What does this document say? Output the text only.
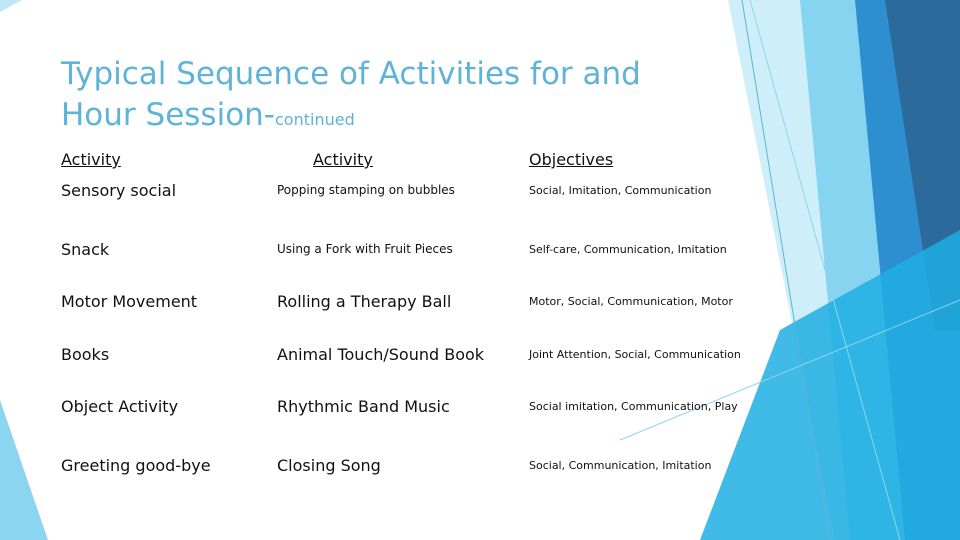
Typical Sequence of Activities for and
Hour Session-continued
Activity	Activity	Objectives
Sensory social	Popping stamping on bubbles	Social, Imitation, Communication
Snack	Using a Fork with Fruit Pieces	Self-care, Communication, Imitation
Motor Movement	Rolling a Therapy Ball	Motor, Social, Communication, Motor
Books	Animal Touch/Sound Book	Joint Attention, Social, Communication
Object Activity	Rhythmic Band Music	Social imitation, Communication, Play
Greeting good-bye	Closing Song	Social, Communication, Imitation
